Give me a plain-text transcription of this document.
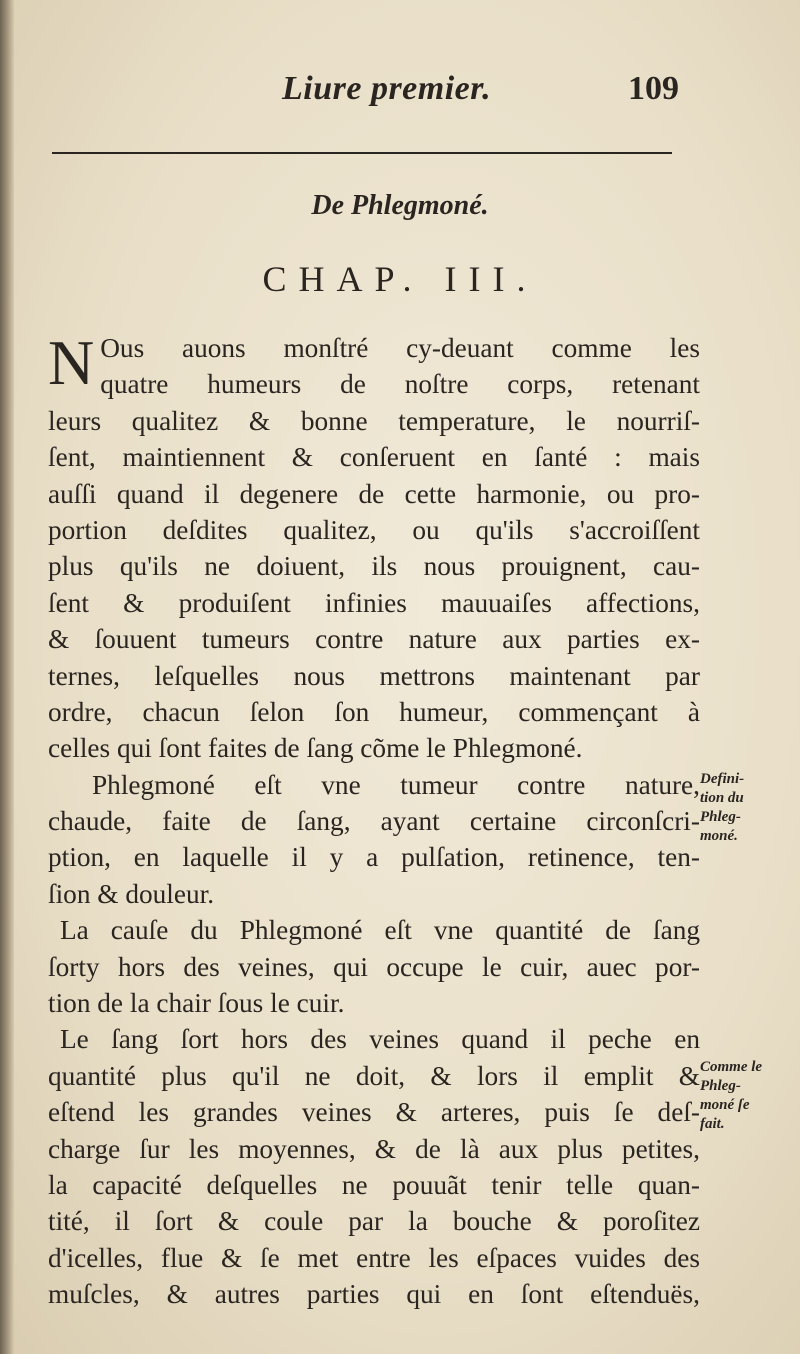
Liure premier.	109
De Phlegmoné.
CHAP. III.
N Ous auons monſtré cy-deuant comme les
quatre humeurs de noſtre corps, retenant
leurs qualitez & bonne temperature, le nourriſ-
ſent, maintiennent & conſeruent en ſanté : mais
auſſi quand il degenere de cette harmonie, ou pro-
portion deſdites qualitez, ou qu'ils s'accroiſſent
plus qu'ils ne doiuent, ils nous prouignent, cau-
ſent & produiſent infinies mauuaiſes affections,
& ſouuent tumeurs contre nature aux parties ex-
ternes, leſquelles nous mettrons maintenant par
ordre, chacun ſelon ſon humeur, commençant à
celles qui ſont faites de ſang cõme le Phlegmoné.
Phlegmoné eſt vne tumeur contre nature,
chaude, faite de ſang, ayant certaine circonſcri-
ption, en laquelle il y a pulſation, retinence, ten-
ſion & douleur.
La cauſe du Phlegmoné eſt vne quantité de ſang
ſorty hors des veines, qui occupe le cuir, auec por-
tion de la chair ſous le cuir.
Le ſang ſort hors des veines quand il peche en
quantité plus qu'il ne doit, & lors il emplit &
eſtend les grandes veines & arteres, puis ſe deſ-
charge ſur les moyennes, & de là aux plus petites,
la capacité deſquelles ne pouuãt tenir telle quan-
tité, il ſort & coule par la bouche & poroſitez
d'icelles, flue & ſe met entre les eſpaces vuides des
muſcles, & autres parties qui en ſont eſtenduës,
Defini-
tion du
Phleg-
moné.
Comme le
Phleg-
moné ſe
fait.
